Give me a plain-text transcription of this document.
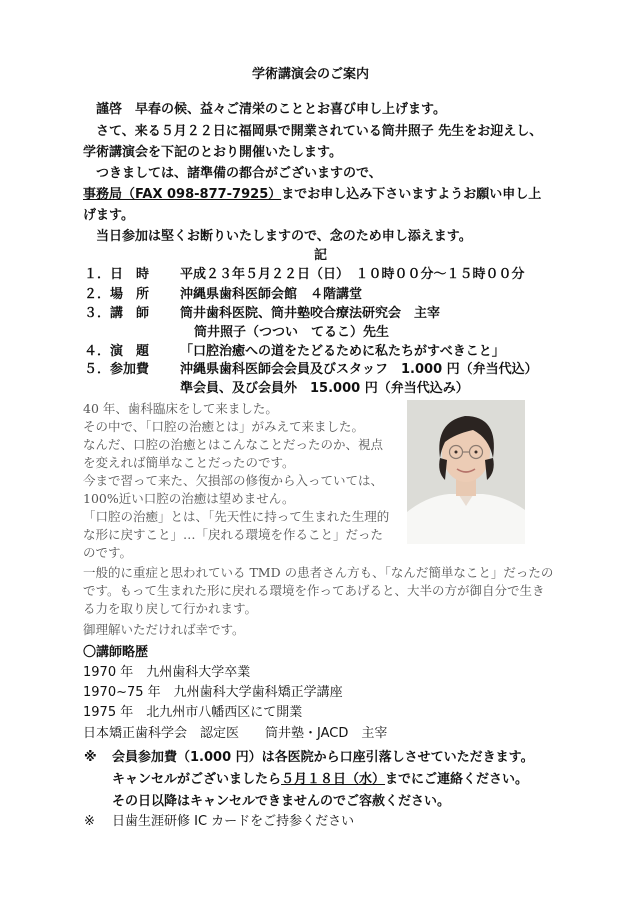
学術講演会のご案内
謹啓　早春の候、益々ご清栄のこととお喜び申し上げます。
さて、来る５月２２日に福岡県で開業されている筒井照子 先生をお迎えし、
学術講演会を下記のとおり開催いたします。
つきましては、諸準備の都合がございますので、
事務局（FAX 098-877-7925）までお申し込み下さいますようお願い申し上
げます。
当日参加は堅くお断りいたしますので、念のため申し添えます。
記
１．日　時 平成２３年５月２２日（日）　１０時００分～１５時００分
２．場　所 沖縄県歯科医師会館　４階講堂
３．講　師 筒井歯科医院、筒井塾咬合療法研究会　主宰
筒井照子（つつい　てるこ）先生
４．演　題 「口腔治癒への道をたどるために私たちがすべきこと」
５．参加費 沖縄県歯科医師会会員及びスタッフ　1.000 円（弁当代込）
準会員、及び会員外　15.000 円（弁当代込み）
40 年、歯科臨床をして来ました。
その中で、「口腔の治癒とは」がみえて来ました。
なんだ、口腔の治癒とはこんなことだったのか、視点
を変えれば簡単なことだったのです。
今まで習って来た、欠損部の修復から入っていては、
100%近い口腔の治癒は望めません。
「口腔の治癒」とは、「先天性に持って生まれた生理的
な形に戻すこと」…「戻れる環境を作ること」だった
のです。
一般的に重症と思われている TMD の患者さん方も、「なんだ簡単なこと」だったの
です。もって生まれた形に戻れる環境を作ってあげると、大半の方が御自分で生き
る力を取り戻して行かれます。
御理解いただければ幸です。
〇講師略歴
1970 年　九州歯科大学卒業
1970~75 年　九州歯科大学歯科矯正学講座
1975 年　北九州市八幡西区にて開業
日本矯正歯科学会　認定医　　筒井塾・JACD　主宰
※ 会員参加費（1.000 円）は各医院から口座引落しさせていただきます。
キャンセルがございましたら５月１８日（水）までにご連絡ください。
その日以降はキャンセルできませんのでご容赦ください。
※ 日歯生涯研修 IC カードをご持参ください
